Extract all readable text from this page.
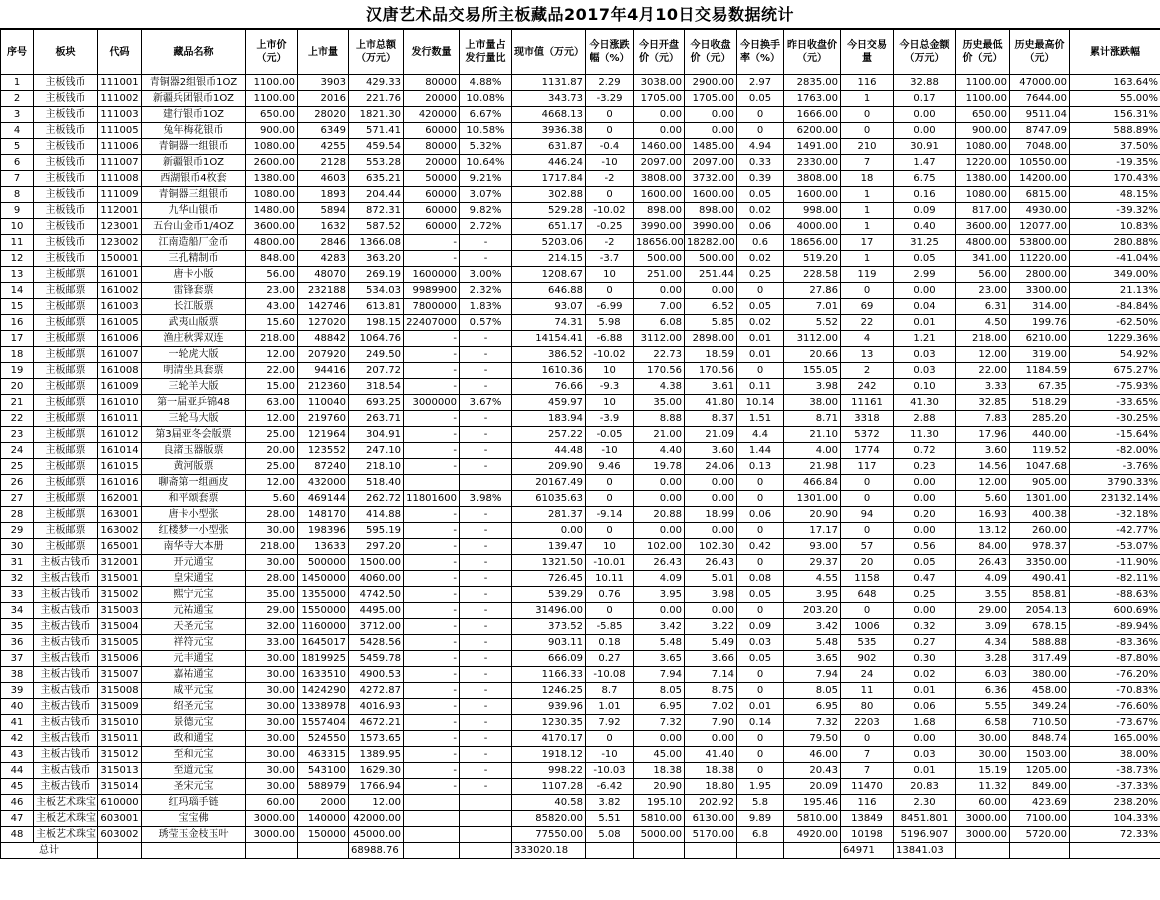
汉唐艺术品交易所主板藏品2017年4月10日交易数据统计
序号	板块	代码	藏品名称	上市价（元）	上市量	上市总额（万元）	发行数量	上市量占发行量比	现市值（万元）	今日涨跌幅（%）	今日开盘价（元）	今日收盘价（元）	今日换手率（%）	昨日收盘价（元）	今日交易量	今日总金额（万元）	历史最低价（元）	历史最高价（元）	累计涨跌幅
1	主板钱币	111001	青铜器2组银币1OZ	1100.00	3903	429.33	80000	4.88%	1131.87	2.29	3038.00	2900.00	2.97	2835.00	116	32.88	1100.00	47000.00	163.64%
2	主板钱币	111002	新疆兵团银币1OZ	1100.00	2016	221.76	20000	10.08%	343.73	-3.29	1705.00	1705.00	0.05	1763.00	1	0.17	1100.00	7644.00	55.00%
3	主板钱币	111003	建行银币1OZ	650.00	28020	1821.30	420000	6.67%	4668.13	0	0.00	0.00	0	1666.00	0	0.00	650.00	9511.04	156.31%
4	主板钱币	111005	兔年梅花银币	900.00	6349	571.41	60000	10.58%	3936.38	0	0.00	0.00	0	6200.00	0	0.00	900.00	8747.09	588.89%
5	主板钱币	111006	青铜器一组银币	1080.00	4255	459.54	80000	5.32%	631.87	-0.4	1460.00	1485.00	4.94	1491.00	210	30.91	1080.00	7048.00	37.50%
6	主板钱币	111007	新疆银币1OZ	2600.00	2128	553.28	20000	10.64%	446.24	-10	2097.00	2097.00	0.33	2330.00	7	1.47	1220.00	10550.00	-19.35%
7	主板钱币	111008	西湖银币4枚套	1380.00	4603	635.21	50000	9.21%	1717.84	-2	3808.00	3732.00	0.39	3808.00	18	6.75	1380.00	14200.00	170.43%
8	主板钱币	111009	青铜器三组银币	1080.00	1893	204.44	60000	3.07%	302.88	0	1600.00	1600.00	0.05	1600.00	1	0.16	1080.00	6815.00	48.15%
9	主板钱币	112001	九华山银币	1480.00	5894	872.31	60000	9.82%	529.28	-10.02	898.00	898.00	0.02	998.00	1	0.09	817.00	4930.00	-39.32%
10	主板钱币	123001	五台山金币1/4OZ	3600.00	1632	587.52	60000	2.72%	651.17	-0.25	3990.00	3990.00	0.06	4000.00	1	0.40	3600.00	12077.00	10.83%
11	主板钱币	123002	江南造船厂金币	4800.00	2846	1366.08	-	-	5203.06	-2	18656.00	18282.00	0.6	18656.00	17	31.25	4800.00	53800.00	280.88%
12	主板钱币	150001	三孔精制币	848.00	4283	363.20	-	-	214.15	-3.7	500.00	500.00	0.02	519.20	1	0.05	341.00	11220.00	-41.04%
13	主板邮票	161001	唐卡小版	56.00	48070	269.19	1600000	3.00%	1208.67	10	251.00	251.44	0.25	228.58	119	2.99	56.00	2800.00	349.00%
14	主板邮票	161002	雷锋套票	23.00	232188	534.03	9989900	2.32%	646.88	0	0.00	0.00	0	27.86	0	0.00	23.00	3300.00	21.13%
15	主板邮票	161003	长江版票	43.00	142746	613.81	7800000	1.83%	93.07	-6.99	7.00	6.52	0.05	7.01	69	0.04	6.31	314.00	-84.84%
16	主板邮票	161005	武夷山版票	15.60	127020	198.15	22407000	0.57%	74.31	5.98	6.08	5.85	0.02	5.52	22	0.01	4.50	199.76	-62.50%
17	主板邮票	161006	渔庄秋霁双连	218.00	48842	1064.76	-	-	14154.41	-6.88	3112.00	2898.00	0.01	3112.00	4	1.21	218.00	6210.00	1229.36%
18	主板邮票	161007	一轮虎大版	12.00	207920	249.50	-	-	386.52	-10.02	22.73	18.59	0.01	20.66	13	0.03	12.00	319.00	54.92%
19	主板邮票	161008	明清坐具套票	22.00	94416	207.72	-	-	1610.36	10	170.56	170.56	0	155.05	2	0.03	22.00	1184.59	675.27%
20	主板邮票	161009	三轮羊大版	15.00	212360	318.54	-	-	76.66	-9.3	4.38	3.61	0.11	3.98	242	0.10	3.33	67.35	-75.93%
21	主板邮票	161010	第一届亚乒锦48	63.00	110040	693.25	3000000	3.67%	459.97	10	35.00	41.80	10.14	38.00	11161	41.30	32.85	518.29	-33.65%
22	主板邮票	161011	三轮马大版	12.00	219760	263.71	-	-	183.94	-3.9	8.88	8.37	1.51	8.71	3318	2.88	7.83	285.20	-30.25%
23	主板邮票	161012	第3届亚冬会版票	25.00	121964	304.91	-	-	257.22	-0.05	21.00	21.09	4.4	21.10	5372	11.30	17.96	440.00	-15.64%
24	主板邮票	161014	良渚玉器版票	20.00	123552	247.10	-	-	44.48	-10	4.40	3.60	1.44	4.00	1774	0.72	3.60	119.52	-82.00%
25	主板邮票	161015	黄河版票	25.00	87240	218.10	-	-	209.90	9.46	19.78	24.06	0.13	21.98	117	0.23	14.56	1047.68	-3.76%
26	主板邮票	161016	聊斋第一组画皮	12.00	432000	518.40			20167.49	0	0.00	0.00	0	466.84	0	0.00	12.00	905.00	3790.33%
27	主板邮票	162001	和平颂套票	5.60	469144	262.72	11801600	3.98%	61035.63	0	0.00	0.00	0	1301.00	0	0.00	5.60	1301.00	23132.14%
28	主板邮票	163001	唐卡小型张	28.00	148170	414.88	-	-	281.37	-9.14	20.88	18.99	0.06	20.90	94	0.20	16.93	400.38	-32.18%
29	主板邮票	163002	红楼梦一小型张	30.00	198396	595.19	-	-	0.00	0	0.00	0.00	0	17.17	0	0.00	13.12	260.00	-42.77%
30	主板邮票	165001	南华寺大本册	218.00	13633	297.20	-	-	139.47	10	102.00	102.30	0.42	93.00	57	0.56	84.00	978.37	-53.07%
31	主板古钱币	312001	开元通宝	30.00	500000	1500.00	-	-	1321.50	-10.01	26.43	26.43	0	29.37	20	0.05	26.43	3350.00	-11.90%
32	主板古钱币	315001	皇宋通宝	28.00	1450000	4060.00	-	-	726.45	10.11	4.09	5.01	0.08	4.55	1158	0.47	4.09	490.41	-82.11%
33	主板古钱币	315002	熙宁元宝	35.00	1355000	4742.50	-	-	539.29	0.76	3.95	3.98	0.05	3.95	648	0.25	3.55	858.81	-88.63%
34	主板古钱币	315003	元祐通宝	29.00	1550000	4495.00	-	-	31496.00	0	0.00	0.00	0	203.20	0	0.00	29.00	2054.13	600.69%
35	主板古钱币	315004	天圣元宝	32.00	1160000	3712.00	-	-	373.52	-5.85	3.42	3.22	0.09	3.42	1006	0.32	3.09	678.15	-89.94%
36	主板古钱币	315005	祥符元宝	33.00	1645017	5428.56	-	-	903.11	0.18	5.48	5.49	0.03	5.48	535	0.27	4.34	588.88	-83.36%
37	主板古钱币	315006	元丰通宝	30.00	1819925	5459.78	-	-	666.09	0.27	3.65	3.66	0.05	3.65	902	0.30	3.28	317.49	-87.80%
38	主板古钱币	315007	嘉祐通宝	30.00	1633510	4900.53	-	-	1166.33	-10.08	7.94	7.14	0	7.94	24	0.02	6.03	380.00	-76.20%
39	主板古钱币	315008	咸平元宝	30.00	1424290	4272.87	-	-	1246.25	8.7	8.05	8.75	0	8.05	11	0.01	6.36	458.00	-70.83%
40	主板古钱币	315009	绍圣元宝	30.00	1338978	4016.93	-	-	939.96	1.01	6.95	7.02	0.01	6.95	80	0.06	5.55	349.24	-76.60%
41	主板古钱币	315010	景德元宝	30.00	1557404	4672.21	-	-	1230.35	7.92	7.32	7.90	0.14	7.32	2203	1.68	6.58	710.50	-73.67%
42	主板古钱币	315011	政和通宝	30.00	524550	1573.65	-	-	4170.17	0	0.00	0.00	0	79.50	0	0.00	30.00	848.74	165.00%
43	主板古钱币	315012	至和元宝	30.00	463315	1389.95	-	-	1918.12	-10	45.00	41.40	0	46.00	7	0.03	30.00	1503.00	38.00%
44	主板古钱币	315013	至道元宝	30.00	543100	1629.30	-	-	998.22	-10.03	18.38	18.38	0	20.43	7	0.01	15.19	1205.00	-38.73%
45	主板古钱币	315014	圣宋元宝	30.00	588979	1766.94	-	-	1107.28	-6.42	20.90	18.80	1.95	20.09	11470	20.83	11.32	849.00	-37.33%
46	主板艺术珠宝	610000	红玛瑙手链	60.00	2000	12.00			40.58	3.82	195.10	202.92	5.8	195.46	116	2.30	60.00	423.69	238.20%
47	主板艺术珠宝	603001	宝宝佛	3000.00	140000	42000.00			85820.00	5.51	5810.00	6130.00	9.89	5810.00	13849	8451.801	3000.00	7100.00	104.33%
48	主板艺术珠宝	603002	琇莹玉金枝玉叶	3000.00	150000	45000.00			77550.00	5.08	5000.00	5170.00	6.8	4920.00	10198	5196.907	3000.00	5720.00	72.33%
总计						68988.76			333020.18						64971	13841.03			
